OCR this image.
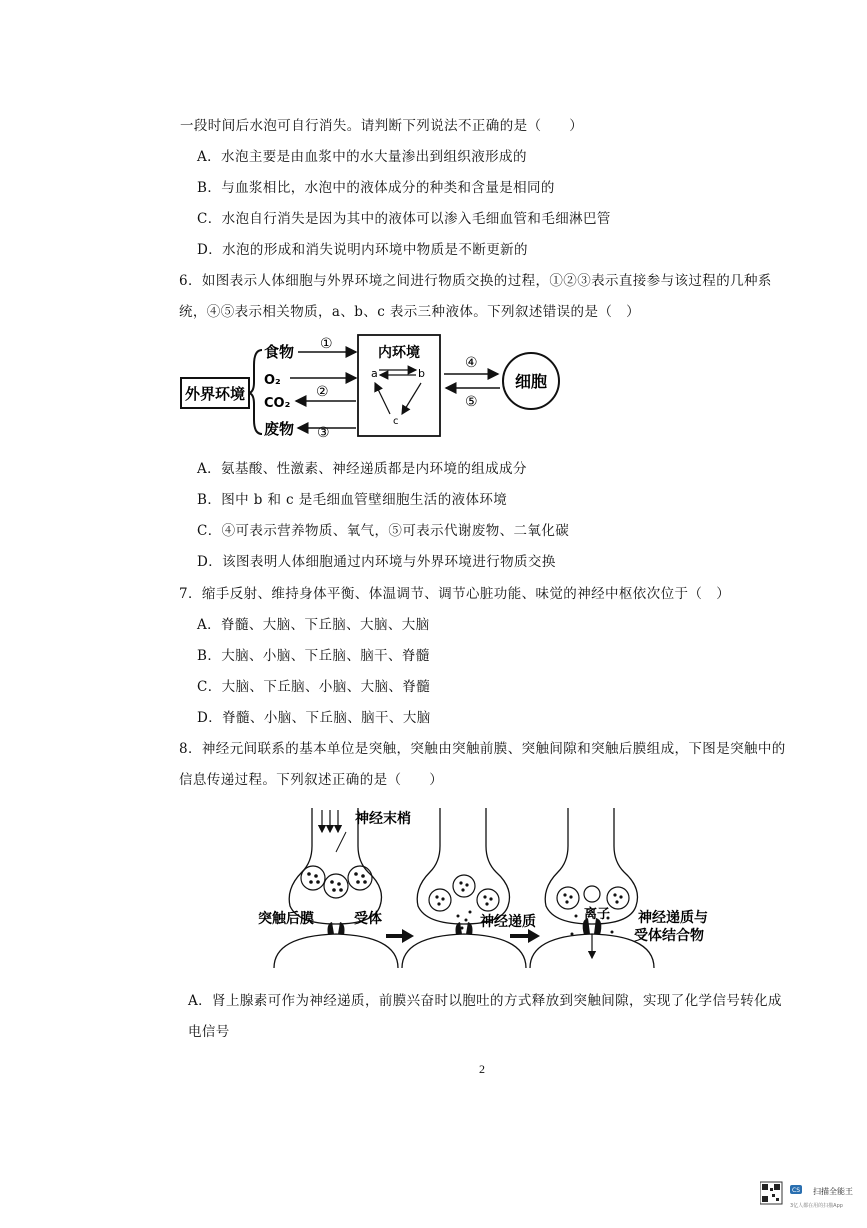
一段时间后水泡可自行消失。请判断下列说法不正确的是（　　）
A．水泡主要是由血浆中的水大量渗出到组织液形成的
B．与血浆相比，水泡中的液体成分的种类和含量是相同的
C．水泡自行消失是因为其中的液体可以渗入毛细血管和毛细淋巴管
D．水泡的形成和消失说明内环境中物质是不断更新的
6．如图表示人体细胞与外界环境之间进行物质交换的过程，①②③表示直接参与该过程的几种系
统，④⑤表示相关物质，a、b、c 表示三种液体。下列叙述错误的是（　）
外界环境
食物
O₂
CO₂
废物
①
②
③
内环境
a	b
c
④
⑤
细胞
A．氨基酸、性激素、神经递质都是内环境的组成成分
B．图中 b 和 c 是毛细血管壁细胞生活的液体环境
C．④可表示营养物质、氧气，⑤可表示代谢废物、二氧化碳
D．该图表明人体细胞通过内环境与外界环境进行物质交换
7．缩手反射、维持身体平衡、体温调节、调节心脏功能、味觉的神经中枢依次位于（　）
A．脊髓、大脑、下丘脑、大脑、大脑
B．大脑、小脑、下丘脑、脑干、脊髓
C．大脑、下丘脑、小脑、大脑、脊髓
D．脊髓、小脑、下丘脑、脑干、大脑
8．神经元间联系的基本单位是突触，突触由突触前膜、突触间隙和突触后膜组成，下图是突触中的
信息传递过程。下列叙述正确的是（　　）
神经末梢
突触后膜	受体	神经递质	离子 神经递质与
受体结合物
A．肾上腺素可作为神经递质，前膜兴奋时以胞吐的方式释放到突触间隙，实现了化学信号转化成
电信号
2
CS 扫描全能王
3亿人都在用的扫描App
